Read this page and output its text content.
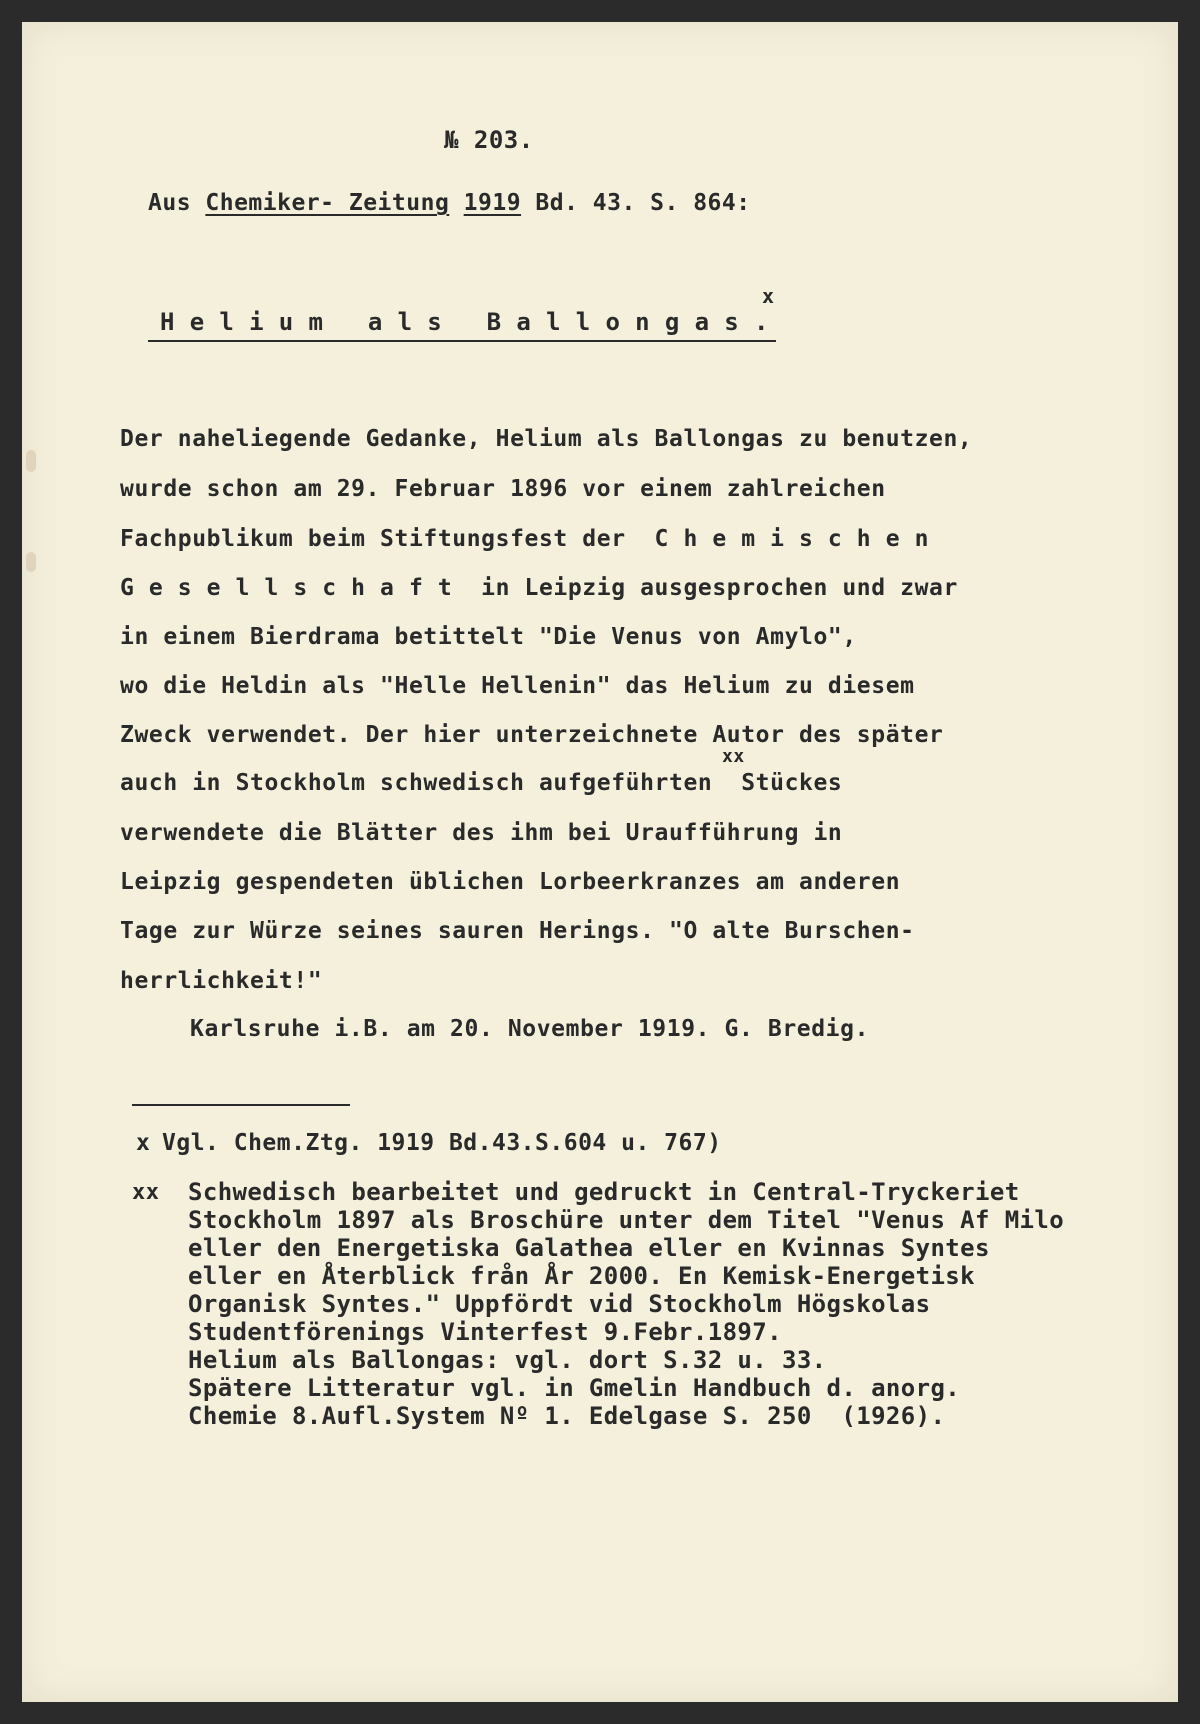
№ 203.
Aus Chemiker- Zeitung 1919 Bd. 43. S. 864:
x
H e l i u m   a l s   B a l l o n g a s .
Der naheliegende Gedanke, Helium als Ballongas zu benutzen,
wurde schon am 29. Februar 1896 vor einem zahlreichen
Fachpublikum beim Stiftungsfest der  C h e m i s c h e n
G e s e l l s c h a f t  in Leipzig ausgesprochen und zwar
in einem Bierdrama betittelt "Die Venus von Amylo",
wo die Heldin als "Helle Hellenin" das Helium zu diesem
Zweck verwendet. Der hier unterzeichnete Autor des später
xx
auch in Stockholm schwedisch aufgeführten  Stückes
verwendete die Blätter des ihm bei Uraufführung in
Leipzig gespendeten üblichen Lorbeerkranzes am anderen
Tage zur Würze seines sauren Herings. "O alte Burschen-
herrlichkeit!"
Karlsruhe i.B. am 20. November 1919. G. Bredig.
x Vgl. Chem.Ztg. 1919 Bd.43.S.604 u. 767)
xx Schwedisch bearbeitet und gedruckt in Central-Tryckeriet
Stockholm 1897 als Broschüre unter dem Titel "Venus Af Milo
eller den Energetiska Galathea eller en Kvinnas Syntes
eller en Återblick från År 2000. En Kemisk-Energetisk
Organisk Syntes." Uppfördt vid Stockholm Högskolas
Studentförenings Vinterfest 9.Febr.1897.
Helium als Ballongas: vgl. dort S.32 u. 33.
Spätere Litteratur vgl. in Gmelin Handbuch d. anorg.
Chemie 8.Aufl.System Nº 1. Edelgase S. 250  (1926).
